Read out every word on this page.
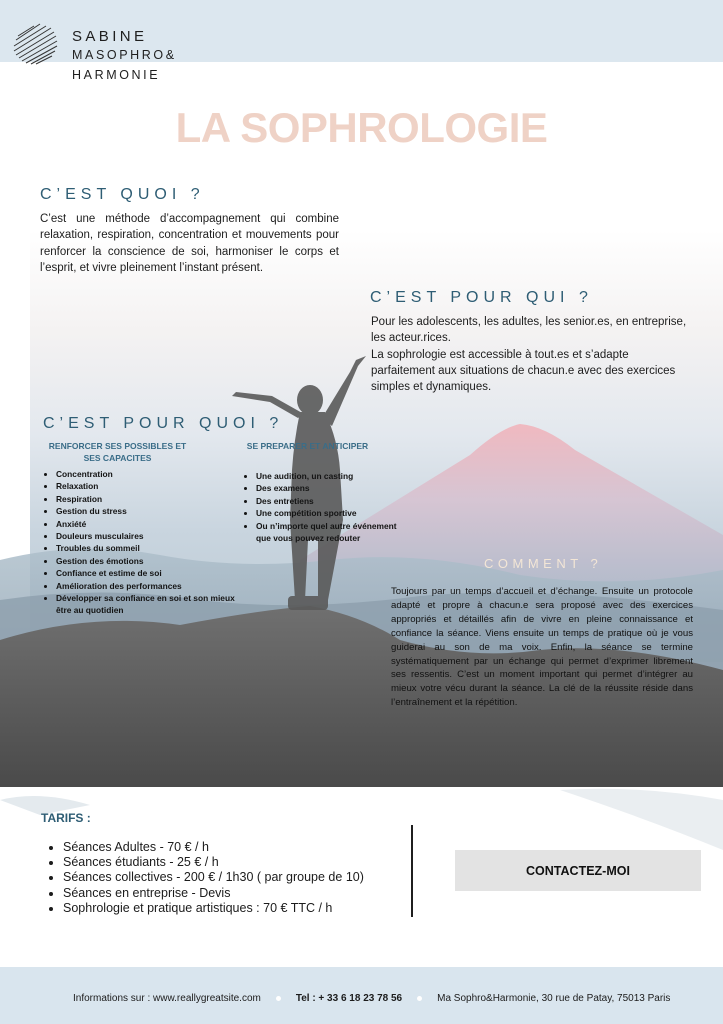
SABINE
MASOPHRO&
HARMONIE
LA SOPHROLOGIE
C’EST QUOI ?
C’est une méthode d’accompagnement qui combine relaxation, respiration, concentration et mouvements pour renforcer la conscience de soi, harmoniser le corps et l’esprit, et vivre pleinement l’instant présent.
C’EST POUR QUI ?
Pour les adolescents, les adultes, les senior.es, en entreprise, les acteur.rices.
La sophrologie est accessible à tout.es et s’adapte parfaitement aux situations de chacun.e avec des exercices simples et dynamiques.
C’EST POUR QUOI ?
RENFORCER SES POSSIBLES ET SES CAPACITES
SE PREPARER ET ANTICIPER
• Concentration
• Relaxation
• Respiration
• Gestion du stress
• Anxiété
• Douleurs musculaires
• Troubles du sommeil
• Gestion des émotions
• Confiance et estime de soi
• Amélioration des performances
• Développer sa confiance en soi et son mieux être au quotidien
• Une audition, un casting
• Des examens
• Des entretiens
• Une compétition sportive
• Ou n’importe quel autre événement que vous pouvez redouter
COMMENT ?
Toujours par un temps d’accueil et d’échange. Ensuite un protocole adapté et propre à chacun.e sera proposé avec des exercices appropriés et détaillés afin de vivre en pleine connaissance et confiance la séance. Viens ensuite un temps de pratique où je vous guiderai au son de ma voix. Enfin, la séance se termine systématiquement par un échange qui permet d’exprimer librement ses ressentis. C’est un moment important qui permet d’intégrer au mieux votre vécu durant la séance. La clé de la réussite réside dans l’entraînement et la répétition.
TARIFS :
• Séances Adultes - 70 € / h
• Séances étudiants - 25 € / h
• Séances collectives - 200 € / 1h30 ( par groupe de 10)
• Séances en entreprise - Devis
• Sophrologie et pratique artistiques : 70 € TTC / h
CONTACTEZ-MOI
Informations sur : www.reallygreatsite.com	Tel : + 33 6 18 23 78 56	Ma Sophro&Harmonie, 30 rue de Patay, 75013 Paris
